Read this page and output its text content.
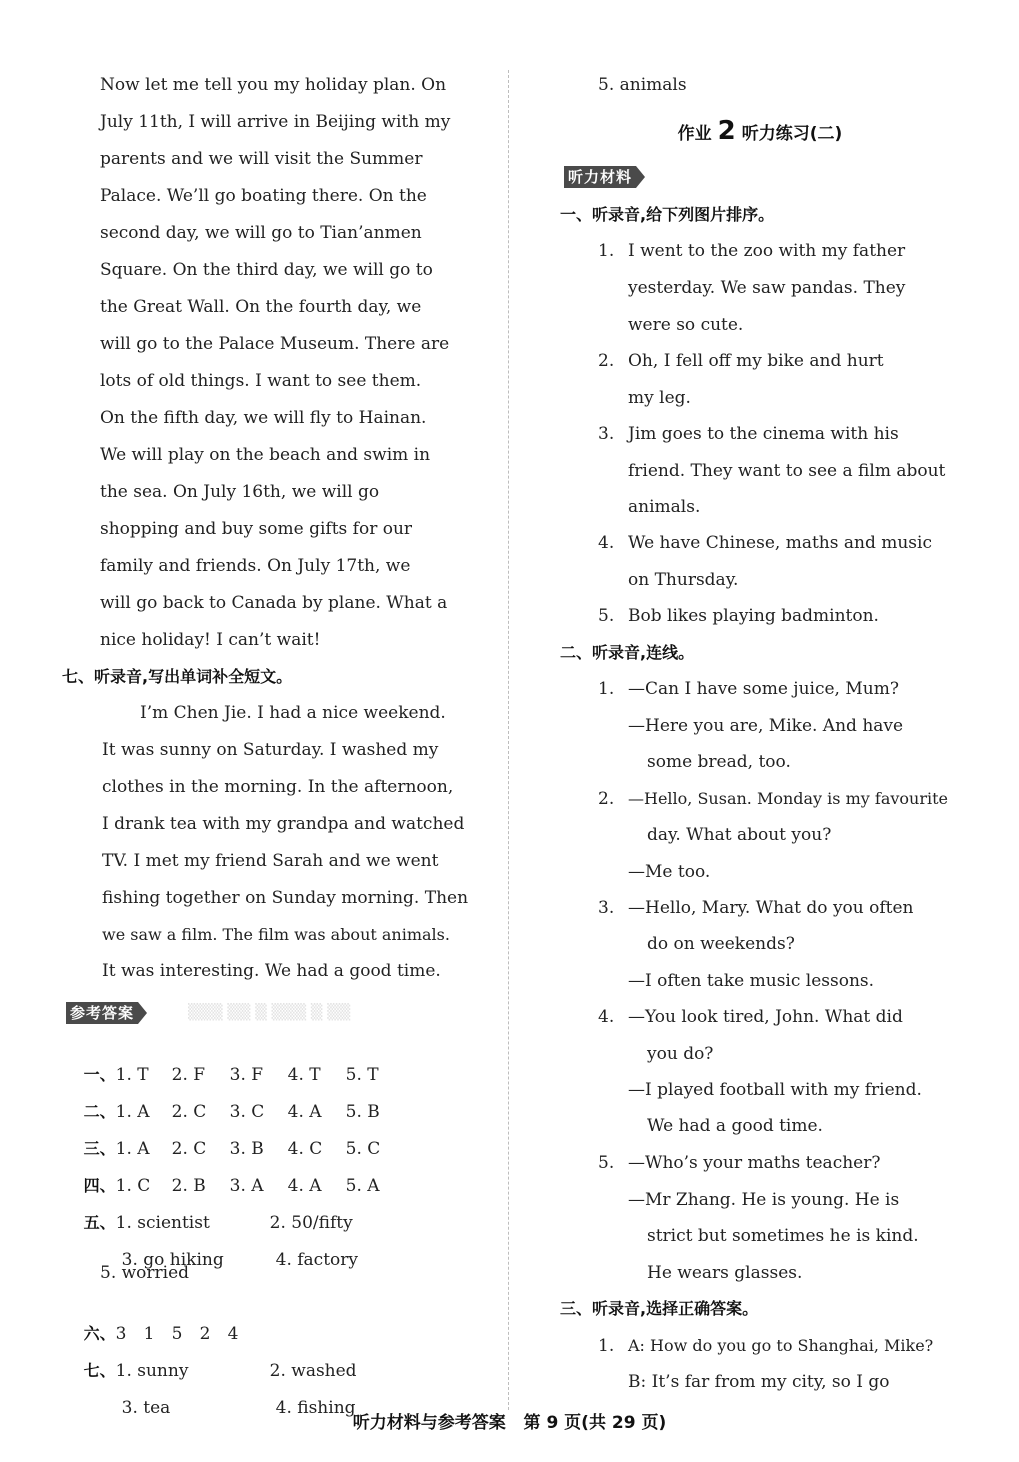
Now let me tell you my holiday plan. On
July 11th, I will arrive in Beijing with my
parents and we will visit the Summer
Palace. We’ll go boating there. On the
second day, we will go to Tian’anmen
Square. On the third day, we will go to
the Great Wall. On the fourth day, we
will go to the Palace Museum. There are
lots of old things. I want to see them.
On the fifth day, we will fly to Hainan.
We will play on the beach and swim in
the sea. On July 16th, we will go
shopping and buy some gifts for our
family and friends. On July 17th, we
will go back to Canada by plane. What a
nice holiday! I can’t wait!
七、听录音,写出单词补全短文。
I’m Chen Jie. I had a nice weekend.
It was sunny on Saturday. I washed my
clothes in the morning. In the afternoon,
I drank tea with my grandpa and watched
TV. I met my friend Sarah and we went
fishing together on Sunday morning. Then
we saw a film. The film was about animals.
It was interesting. We had a good time.
参考答案

一、1. T 2. F 3. F 4. T 5. T

二、1. A 2. C 3. C 4. A 5. B

三、1. A 2. C 3. B 4. C 5. C

四、1. C 2. B 3. A 4. A 5. A

五、1. scientist	2. 50/fifty

3. go hiking	4. factory

5. worried

六、3 1 5 2 4

七、1. sunny	2. washed

3. tea	4. fishing

▒▒▒ ▒▒ ▒ ▒▒▒ ▒ ▒▒
5. animals
作业 2 听力练习(二)
听力材料
一、听录音,给下列图片排序。
1. I went to the zoo with my father
yesterday. We saw pandas. They
were so cute.
2. Oh, I fell off my bike and hurt
my leg.
3. Jim goes to the cinema with his
friend. They want to see a film about
animals.
4. We have Chinese, maths and music
on Thursday.
5. Bob likes playing badminton.
二、听录音,连线。
1. —Can I have some juice, Mum?
—Here you are, Mike. And have
some bread, too.
2. —Hello, Susan. Monday is my favourite
day. What about you?
—Me too.
3. —Hello, Mary. What do you often
do on weekends?
—I often take music lessons.
4. —You look tired, John. What did
you do?
—I played football with my friend.
We had a good time.
5. —Who’s your maths teacher?
—Mr Zhang. He is young. He is
strict but sometimes he is kind.
He wears glasses.
三、听录音,选择正确答案。
1. A: How do you go to Shanghai, Mike?
B: It’s far from my city, so I go
听力材料与参考答案   第 9 页(共 29 页)
